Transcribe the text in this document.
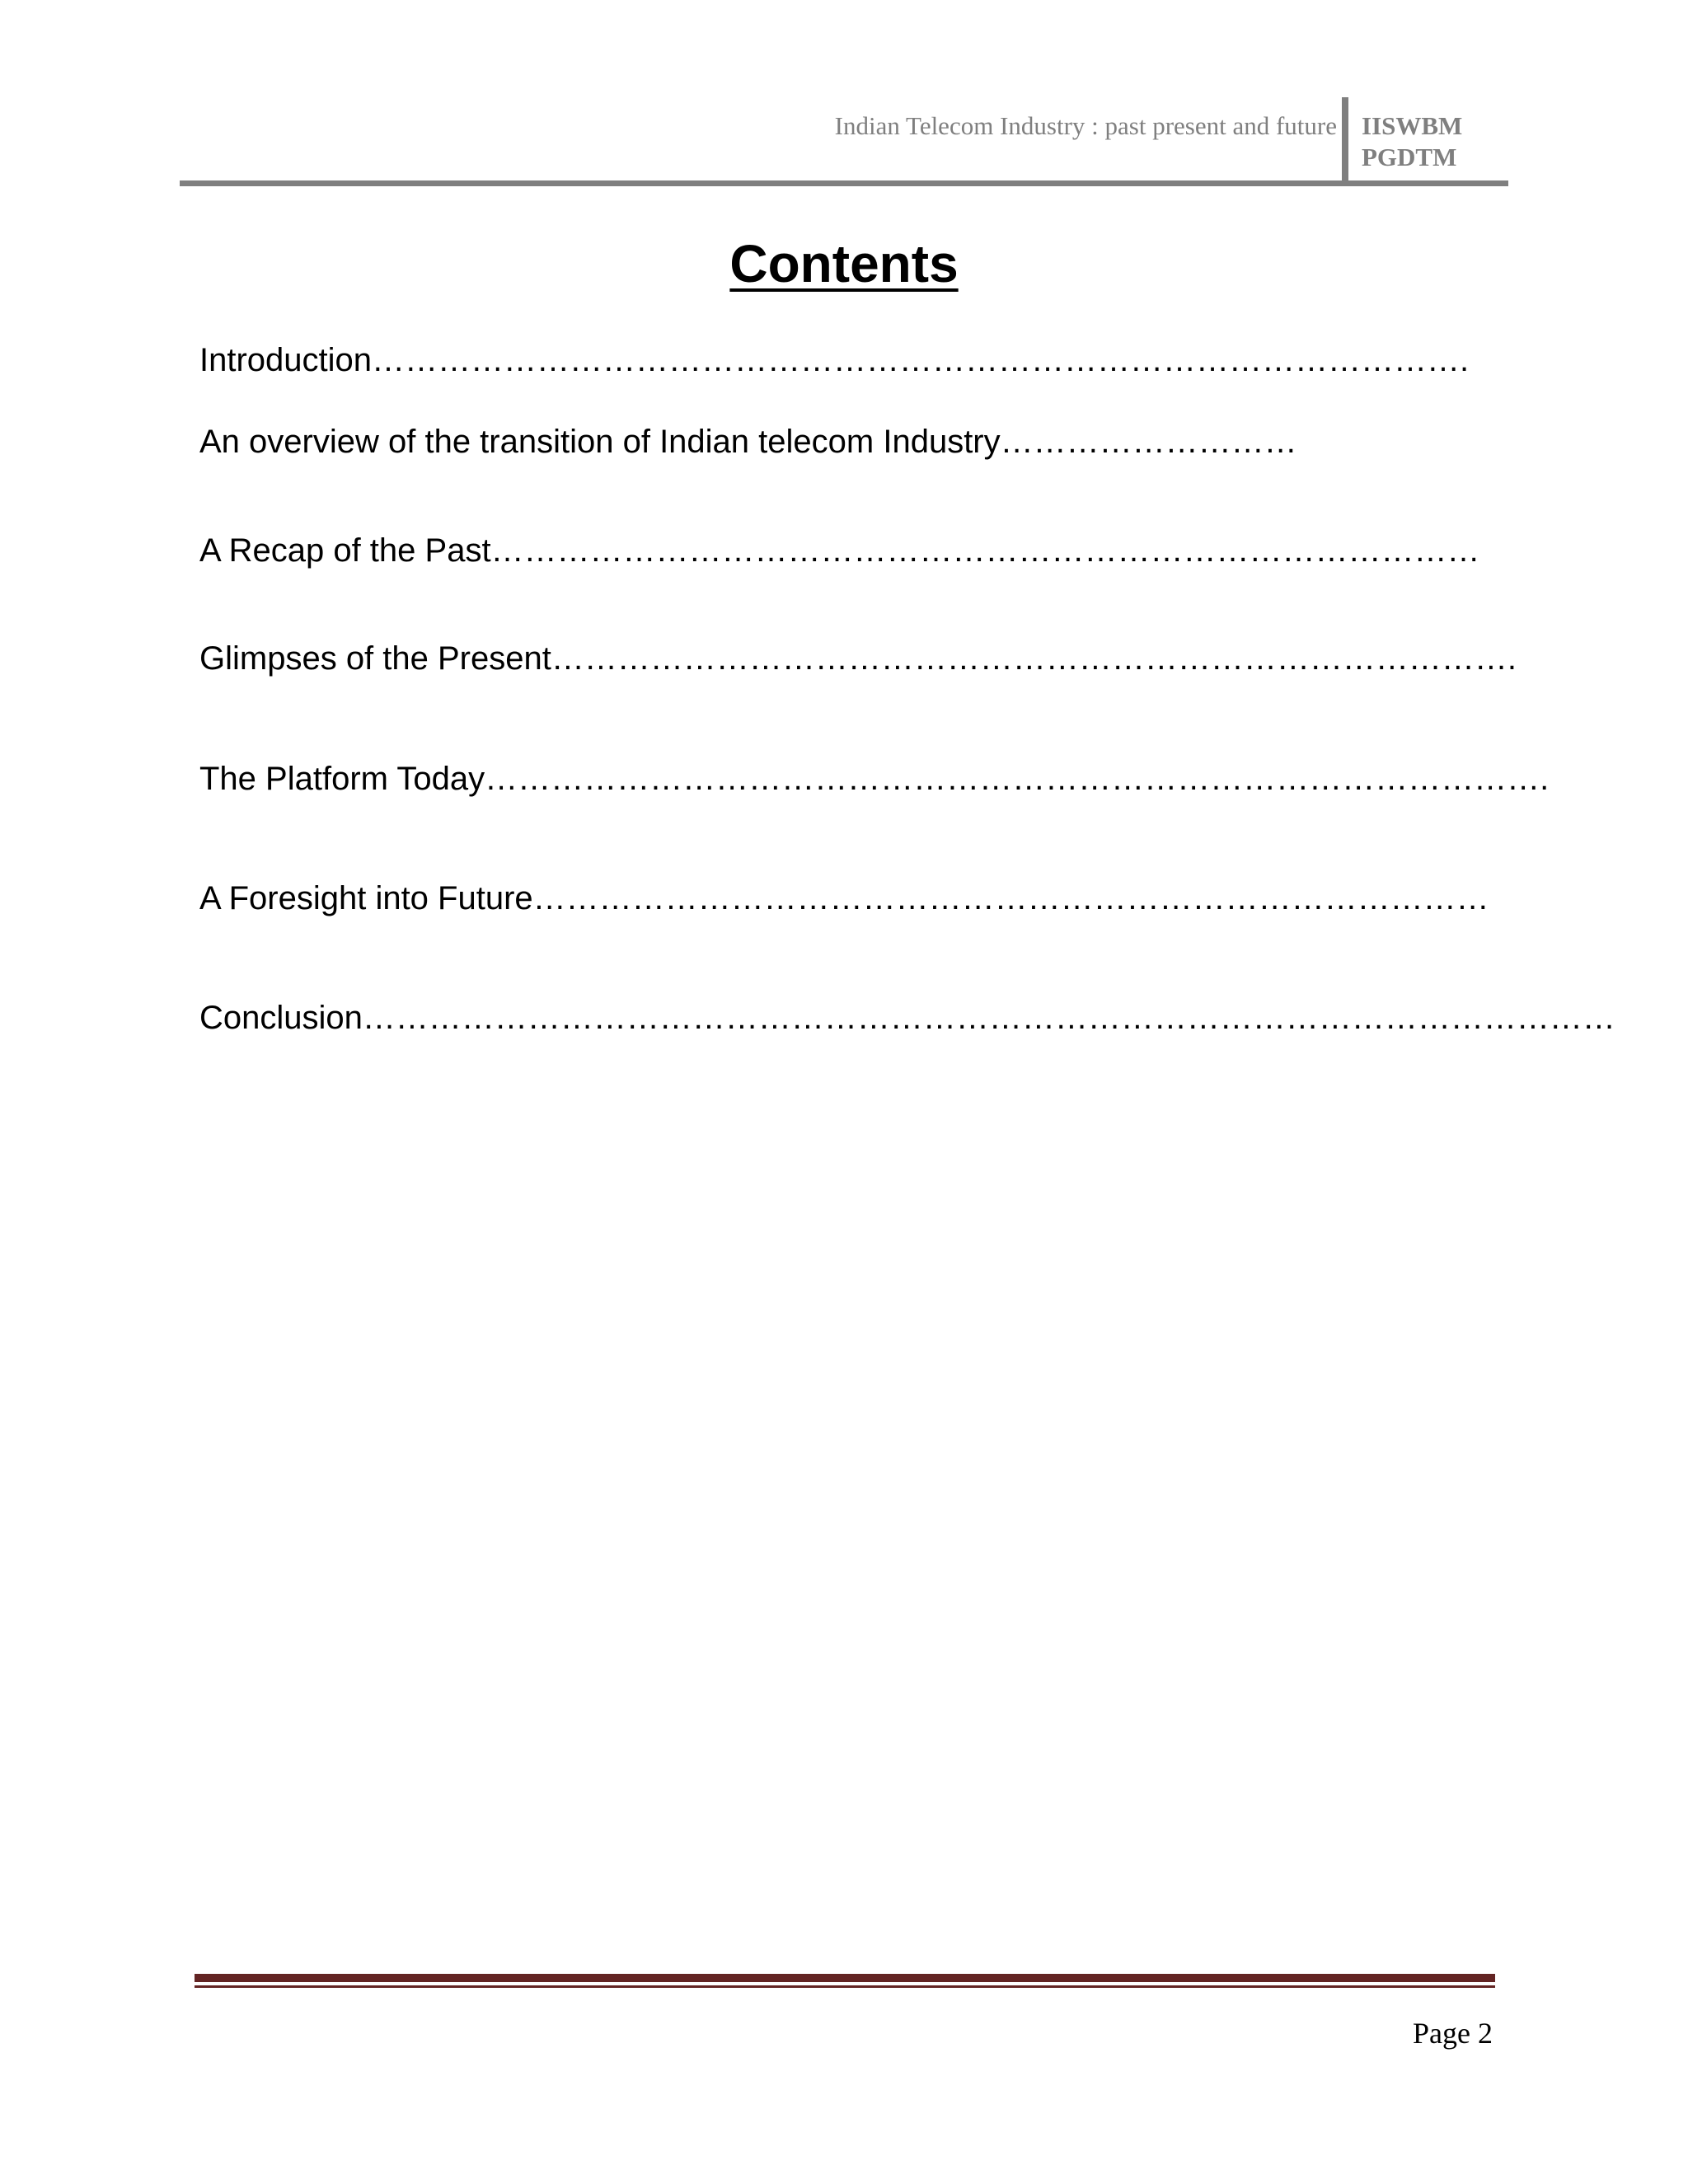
Indian Telecom Industry : past present and future IISWBM
PGDTM
Contents
Introduction……………………………………………………………………………………….
An overview of the transition of Indian telecom Industry………………………
A Recap of the Past………………………………………………………………………………
Glimpses of the Present…………………………………………………………………………….
The Platform Today…………………………………………………………………………………….
A Foresight into Future……………………………………………………………………………
Conclusion……………………………………………………………………………………………………
Page 2
